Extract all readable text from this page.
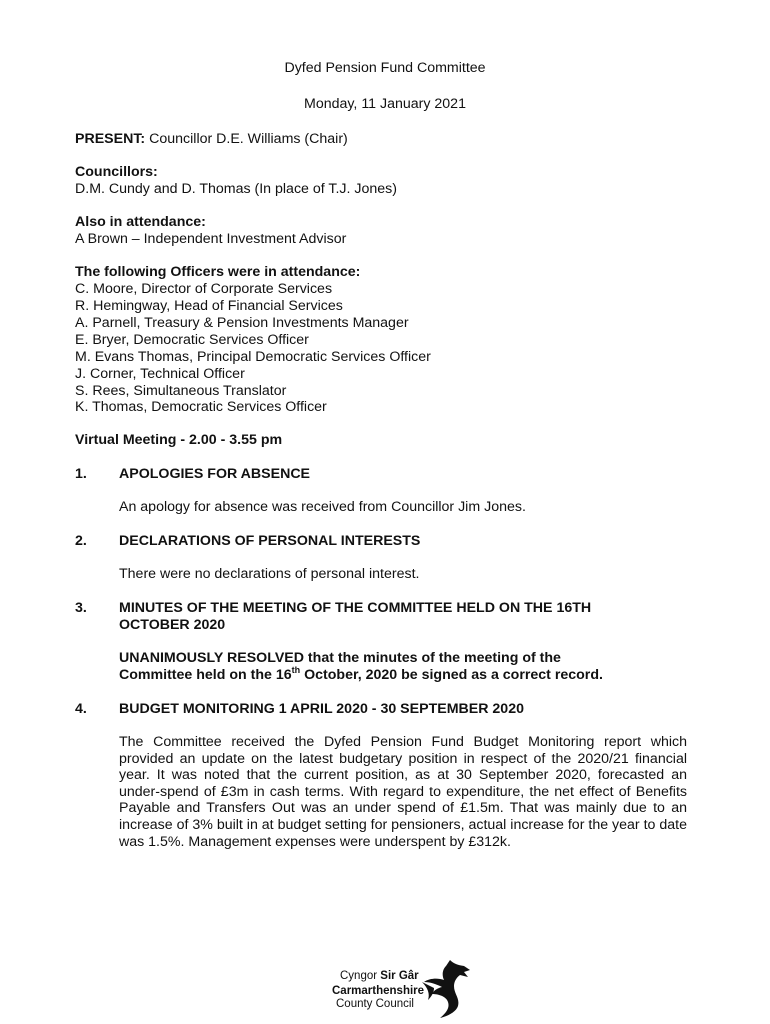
Dyfed Pension Fund Committee
Monday, 11 January 2021
PRESENT: Councillor D.E. Williams (Chair)
Councillors:
D.M. Cundy and D. Thomas (In place of T.J. Jones)
Also in attendance:
A Brown – Independent Investment Advisor
The following Officers were in attendance:
C. Moore, Director of Corporate Services
R. Hemingway, Head of Financial Services
A. Parnell, Treasury & Pension Investments Manager
E. Bryer, Democratic Services Officer
M. Evans Thomas, Principal Democratic Services Officer
J. Corner, Technical Officer
S. Rees, Simultaneous Translator
K. Thomas, Democratic Services Officer
Virtual Meeting - 2.00 - 3.55 pm
1. APOLOGIES FOR ABSENCE
An apology for absence was received from Councillor Jim Jones.
2. DECLARATIONS OF PERSONAL INTERESTS
There were no declarations of personal interest.
3. MINUTES OF THE MEETING OF THE COMMITTEE HELD ON THE 16TH
OCTOBER 2020
UNANIMOUSLY RESOLVED that the minutes of the meeting of the
Committee held on the 16th October, 2020 be signed as a correct record.
4. BUDGET MONITORING 1 APRIL 2020 - 30 SEPTEMBER 2020
The Committee received the Dyfed Pension Fund Budget Monitoring report which provided an update on the latest budgetary position in respect of the 2020/21 financial year. It was noted that the current position, as at 30 September 2020, forecasted an under-spend of £3m in cash terms. With regard to expenditure, the net effect of Benefits Payable and Transfers Out was an under spend of £1.5m. That was mainly due to an increase of 3% built in at budget setting for pensioners, actual increase for the year to date was 1.5%. Management expenses were underspent by £312k.
Cyngor Sir Gâr
Carmarthenshire
County Council
